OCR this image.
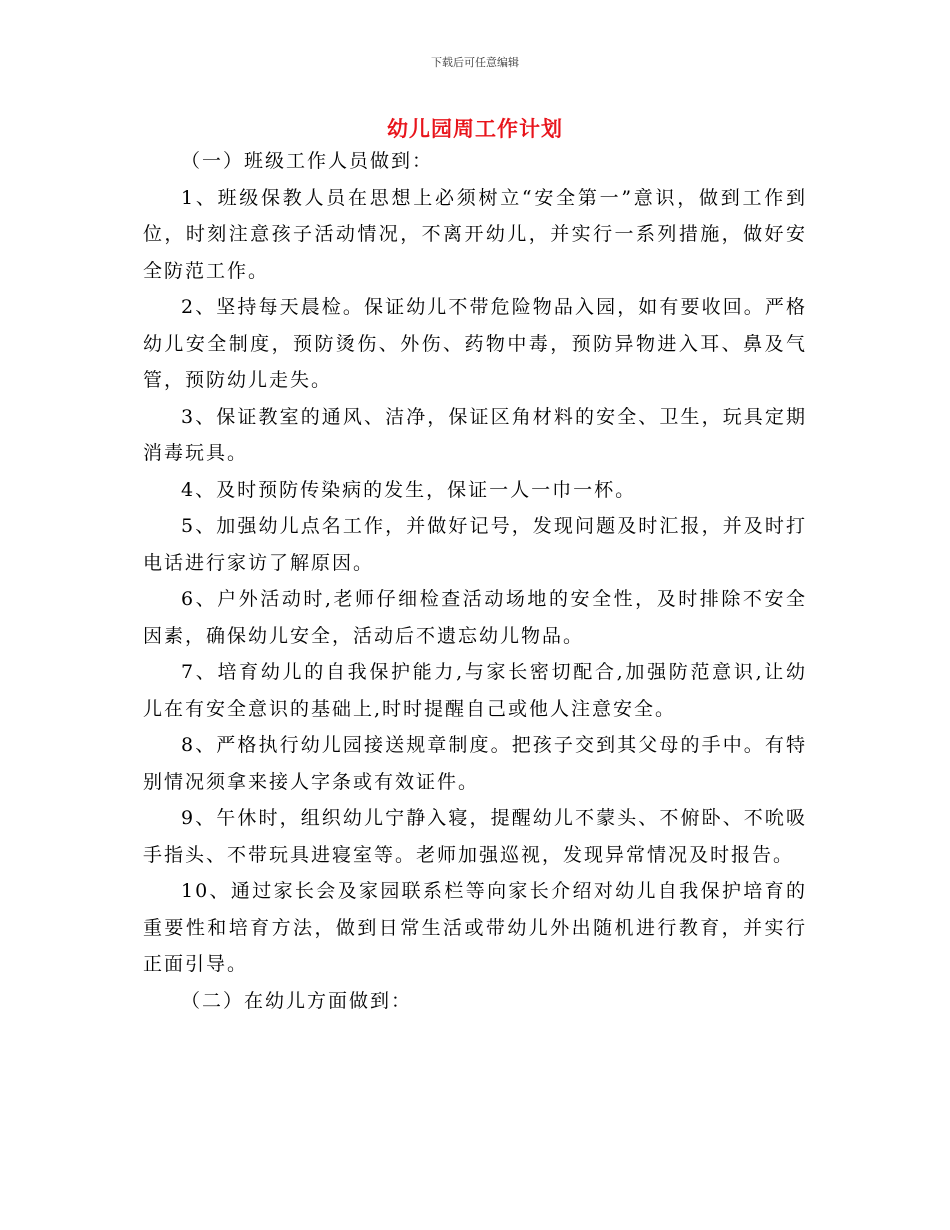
下载后可任意编辑
幼儿园周工作计划

（一）班级工作人员做到：

1、班级保教人员在思想上必须树立“安全第一”意识，做到工作到位，时刻注意孩子活动情况，不离开幼儿，并实行一系列措施，做好安全防范工作。

2、坚持每天晨检。保证幼儿不带危险物品入园，如有要收回。严格幼儿安全制度，预防烫伤、外伤、药物中毒，预防异物进入耳、鼻及气管，预防幼儿走失。

3、保证教室的通风、洁净，保证区角材料的安全、卫生，玩具定期消毒玩具。

4、及时预防传染病的发生，保证一人一巾一杯。

5、加强幼儿点名工作，并做好记号，发现问题及时汇报，并及时打电话进行家访了解原因。

6、户外活动时,老师仔细检查活动场地的安全性，及时排除不安全因素，确保幼儿安全，活动后不遗忘幼儿物品。

7、培育幼儿的自我保护能力,与家长密切配合,加强防范意识,让幼儿在有安全意识的基础上,时时提醒自己或他人注意安全。

8、严格执行幼儿园接送规章制度。把孩子交到其父母的手中。有特别情况须拿来接人字条或有效证件。

9、午休时，组织幼儿宁静入寝，提醒幼儿不蒙头、不俯卧、不吮吸手指头、不带玩具进寝室等。老师加强巡视，发现异常情况及时报告。

10、通过家长会及家园联系栏等向家长介绍对幼儿自我保护培育的重要性和培育方法，做到日常生活或带幼儿外出随机进行教育，并实行正面引导。

（二）在幼儿方面做到：
